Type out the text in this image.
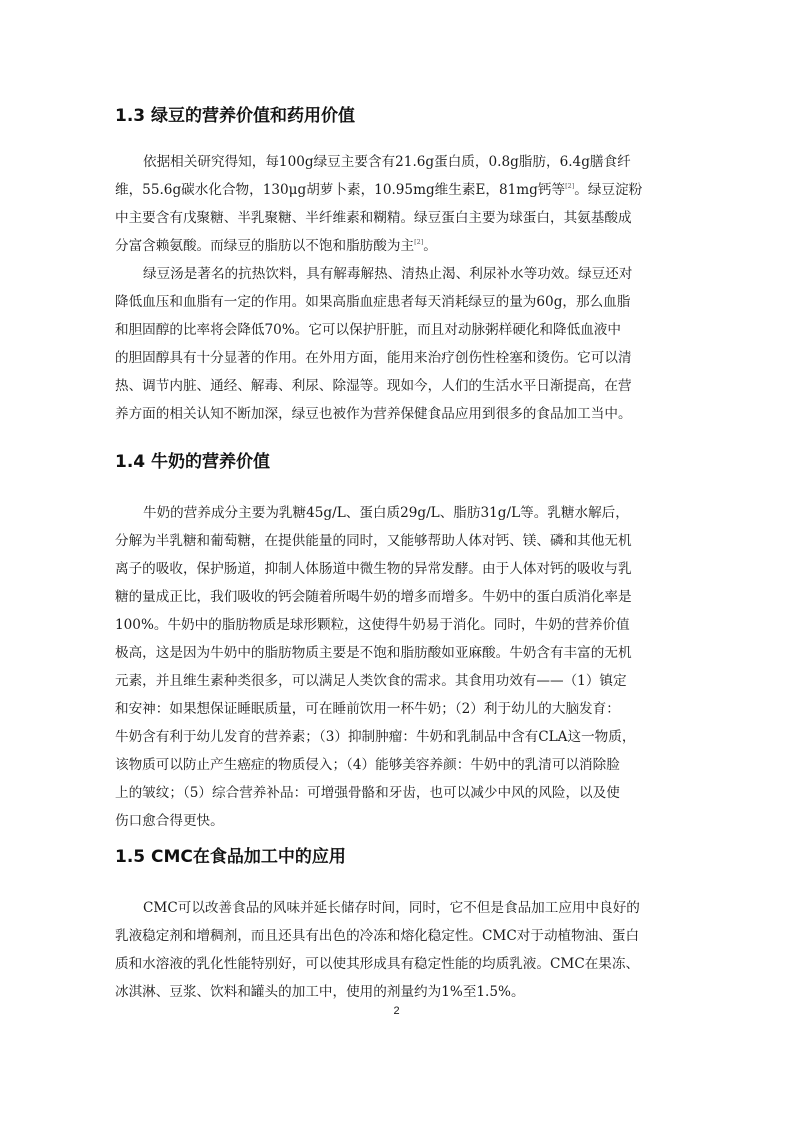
1.3 绿豆的营养价值和药用价值
依据相关研究得知，每100g绿豆主要含有21.6g蛋白质，0.8g脂肪，6.4g膳食纤
维，55.6g碳水化合物，130μg胡萝卜素，10.95mg维生素E，81mg钙等[2]。绿豆淀粉
中主要含有戊聚糖、半乳聚糖、半纤维素和糊精。绿豆蛋白主要为球蛋白，其氨基酸成
分富含赖氨酸。而绿豆的脂肪以不饱和脂肪酸为主[2]。
绿豆汤是著名的抗热饮料，具有解毒解热、清热止渴、利尿补水等功效。绿豆还对
降低血压和血脂有一定的作用。如果高脂血症患者每天消耗绿豆的量为60g，那么血脂
和胆固醇的比率将会降低70%。它可以保护肝脏，而且对动脉粥样硬化和降低血液中
的胆固醇具有十分显著的作用。在外用方面，能用来治疗创伤性栓塞和烫伤。它可以清
热、调节内脏、通经、解毒、利尿、除湿等。现如今，人们的生活水平日渐提高，在营
养方面的相关认知不断加深，绿豆也被作为营养保健食品应用到很多的食品加工当中。
1.4 牛奶的营养价值
牛奶的营养成分主要为乳糖45g/L、蛋白质29g/L、脂肪31g/L等。乳糖水解后，
分解为半乳糖和葡萄糖，在提供能量的同时，又能够帮助人体对钙、镁、磷和其他无机
离子的吸收，保护肠道，抑制人体肠道中微生物的异常发酵。由于人体对钙的吸收与乳
糖的量成正比，我们吸收的钙会随着所喝牛奶的增多而增多。牛奶中的蛋白质消化率是
100%。牛奶中的脂肪物质是球形颗粒，这使得牛奶易于消化。同时，牛奶的营养价值
极高，这是因为牛奶中的脂肪物质主要是不饱和脂肪酸如亚麻酸。牛奶含有丰富的无机
元素，并且维生素种类很多，可以满足人类饮食的需求。其食用功效有——（1）镇定
和安神：如果想保证睡眠质量，可在睡前饮用一杯牛奶；（2）利于幼儿的大脑发育：
牛奶含有利于幼儿发育的营养素；（3）抑制肿瘤：牛奶和乳制品中含有CLA这一物质，
该物质可以防止产生癌症的物质侵入；（4）能够美容养颜：牛奶中的乳清可以消除脸
上的皱纹；（5）综合营养补品：可增强骨骼和牙齿，也可以减少中风的风险，以及使
伤口愈合得更快。
1.5 CMC在食品加工中的应用
CMC可以改善食品的风味并延长储存时间，同时，它不但是食品加工应用中良好的
乳液稳定剂和增稠剂，而且还具有出色的冷冻和熔化稳定性。CMC对于动植物油、蛋白
质和水溶液的乳化性能特别好，可以使其形成具有稳定性能的均质乳液。CMC在果冻、
冰淇淋、豆浆、饮料和罐头的加工中，使用的剂量约为1%至1.5%。
2
